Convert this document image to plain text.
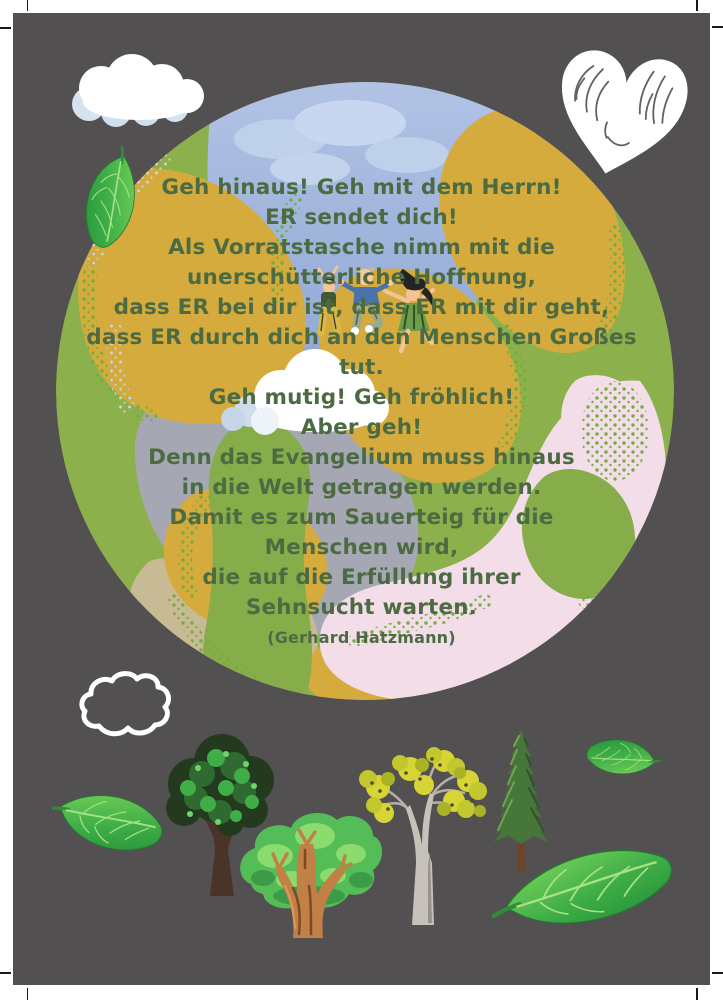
Geh hinaus! Geh mit dem Herrn!
ER sendet dich!
Als Vorratstasche nimm mit die
unerschütterliche Hoffnung,
dass ER bei dir ist, dass ER mit dir geht,
dass ER durch dich an den Menschen Großes
tut.
Geh mutig! Geh fröhlich!
Aber geh!
Denn das Evangelium muss hinaus
in die Welt getragen werden.
Damit es zum Sauerteig für die
Menschen wird,
die auf die Erfüllung ihrer
Sehnsucht warten.
(Gerhard Hatzmann)
